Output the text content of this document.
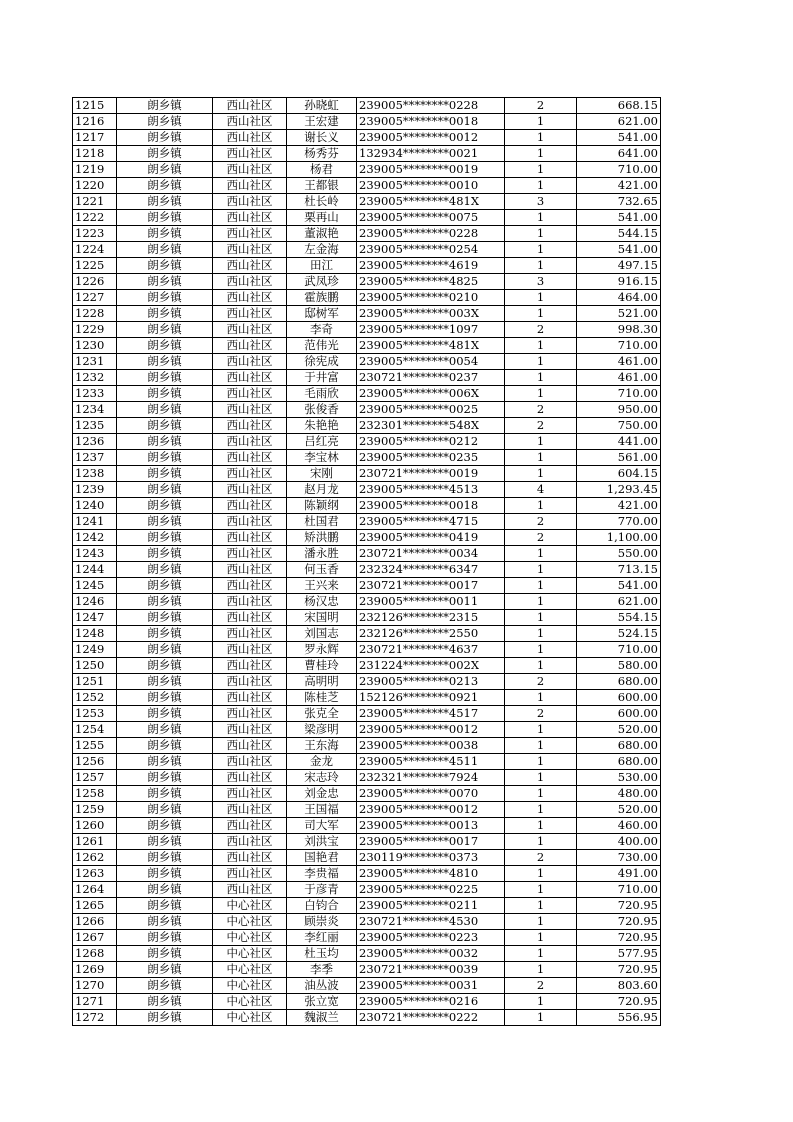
1215	朗乡镇	西山社区	孙晓虹	239005********0228	2	668.15
1216	朗乡镇	西山社区	王宏建	239005********0018	1	621.00
1217	朗乡镇	西山社区	谢长义	239005********0012	1	541.00
1218	朗乡镇	西山社区	杨秀芬	132934********0021	1	641.00
1219	朗乡镇	西山社区	杨君	239005********0019	1	710.00
1220	朗乡镇	西山社区	王都银	239005********0010	1	421.00
1221	朗乡镇	西山社区	杜长岭	239005********481X	3	732.65
1222	朗乡镇	西山社区	栗再山	239005********0075	1	541.00
1223	朗乡镇	西山社区	董淑艳	239005********0228	1	544.15
1224	朗乡镇	西山社区	左金海	239005********0254	1	541.00
1225	朗乡镇	西山社区	田江	239005********4619	1	497.15
1226	朗乡镇	西山社区	武凤珍	239005********4825	3	916.15
1227	朗乡镇	西山社区	霍族鹏	239005********0210	1	464.00
1228	朗乡镇	西山社区	邸树军	239005********003X	1	521.00
1229	朗乡镇	西山社区	李奇	239005********1097	2	998.30
1230	朗乡镇	西山社区	范伟光	239005********481X	1	710.00
1231	朗乡镇	西山社区	徐宪成	239005********0054	1	461.00
1232	朗乡镇	西山社区	于井富	230721********0237	1	461.00
1233	朗乡镇	西山社区	毛雨欣	239005********006X	1	710.00
1234	朗乡镇	西山社区	张俊香	239005********0025	2	950.00
1235	朗乡镇	西山社区	朱艳艳	232301********548X	2	750.00
1236	朗乡镇	西山社区	吕红亮	239005********0212	1	441.00
1237	朗乡镇	西山社区	李宝林	239005********0235	1	561.00
1238	朗乡镇	西山社区	宋刚	230721********0019	1	604.15
1239	朗乡镇	西山社区	赵月龙	239005********4513	4	1,293.45
1240	朗乡镇	西山社区	陈颖纲	239005********0018	1	421.00
1241	朗乡镇	西山社区	杜国君	239005********4715	2	770.00
1242	朗乡镇	西山社区	矫洪鹏	239005********0419	2	1,100.00
1243	朗乡镇	西山社区	潘永胜	230721********0034	1	550.00
1244	朗乡镇	西山社区	何玉香	232324********6347	1	713.15
1245	朗乡镇	西山社区	王兴来	230721********0017	1	541.00
1246	朗乡镇	西山社区	杨汉忠	239005********0011	1	621.00
1247	朗乡镇	西山社区	宋国明	232126********2315	1	554.15
1248	朗乡镇	西山社区	刘国志	232126********2550	1	524.15
1249	朗乡镇	西山社区	罗永辉	230721********4637	1	710.00
1250	朗乡镇	西山社区	曹桂玲	231224********002X	1	580.00
1251	朗乡镇	西山社区	高明明	239005********0213	2	680.00
1252	朗乡镇	西山社区	陈桂芝	152126********0921	1	600.00
1253	朗乡镇	西山社区	张克全	239005********4517	2	600.00
1254	朗乡镇	西山社区	梁彦明	239005********0012	1	520.00
1255	朗乡镇	西山社区	王东海	239005********0038	1	680.00
1256	朗乡镇	西山社区	金龙	239005********4511	1	680.00
1257	朗乡镇	西山社区	宋志玲	232321********7924	1	530.00
1258	朗乡镇	西山社区	刘金忠	239005********0070	1	480.00
1259	朗乡镇	西山社区	王国福	239005********0012	1	520.00
1260	朗乡镇	西山社区	司大军	239005********0013	1	460.00
1261	朗乡镇	西山社区	刘洪宝	239005********0017	1	400.00
1262	朗乡镇	西山社区	国艳君	230119********0373	2	730.00
1263	朗乡镇	西山社区	李贵福	239005********4810	1	491.00
1264	朗乡镇	西山社区	于彦青	239005********0225	1	710.00
1265	朗乡镇	中心社区	白钧合	239005********0211	1	720.95
1266	朗乡镇	中心社区	顾崇炎	230721********4530	1	720.95
1267	朗乡镇	中心社区	李红丽	239005********0223	1	720.95
1268	朗乡镇	中心社区	杜玉均	239005********0032	1	577.95
1269	朗乡镇	中心社区	李季	230721********0039	1	720.95
1270	朗乡镇	中心社区	油丛波	239005********0031	2	803.60
1271	朗乡镇	中心社区	张立宽	239005********0216	1	720.95
1272	朗乡镇	中心社区	魏淑兰	230721********0222	1	556.95
